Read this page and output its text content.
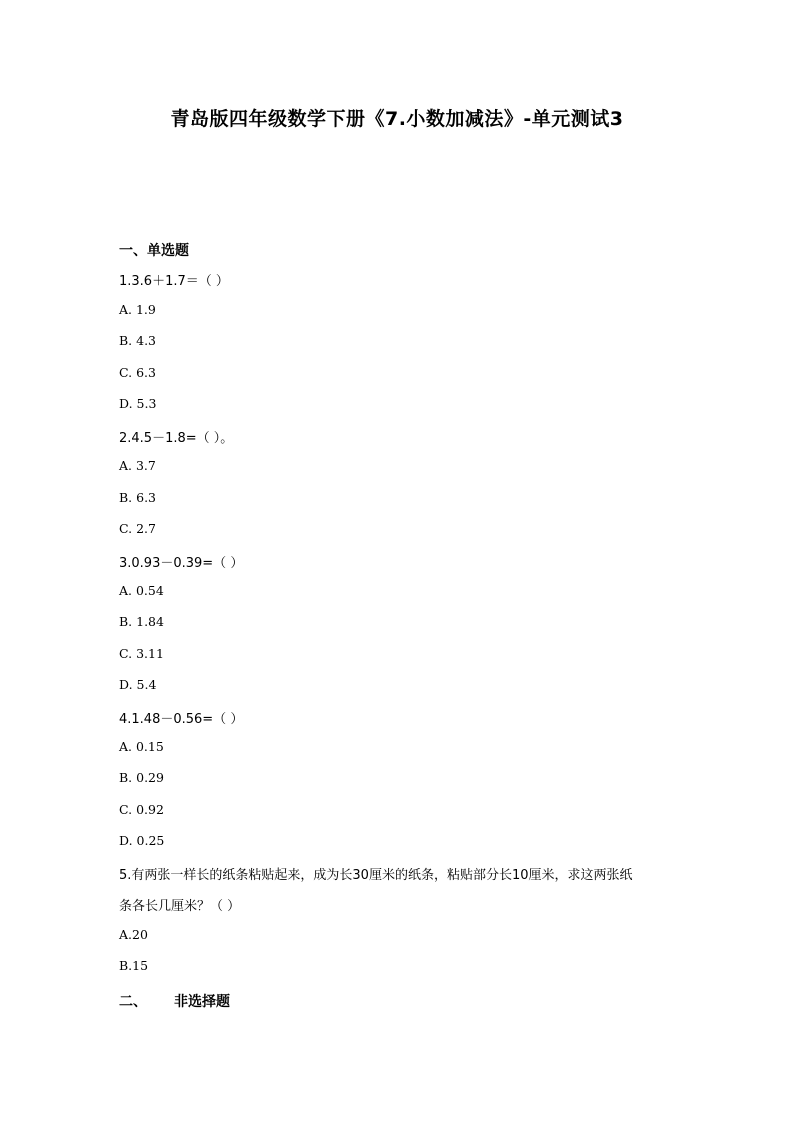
青岛版四年级数学下册《7.小数加减法》-单元测试3
一、单选题
1.3.6＋1.7＝（ ）
A. 1.9
B. 4.3
C. 6.3
D. 5.3
2.4.5－1.8=（ ）。
A. 3.7
B. 6.3
C. 2.7
3.0.93－0.39=（ ）
A. 0.54
B. 1.84
C. 3.11
D. 5.4
4.1.48－0.56=（ ）
A. 0.15
B. 0.29
C. 0.92
D. 0.25
5.有两张一样长的纸条粘贴起来，成为长30厘米的纸条，粘贴部分长10厘米，求这两张纸
条各长几厘米？（ ）
A.20
B.15
二、 非选择题
